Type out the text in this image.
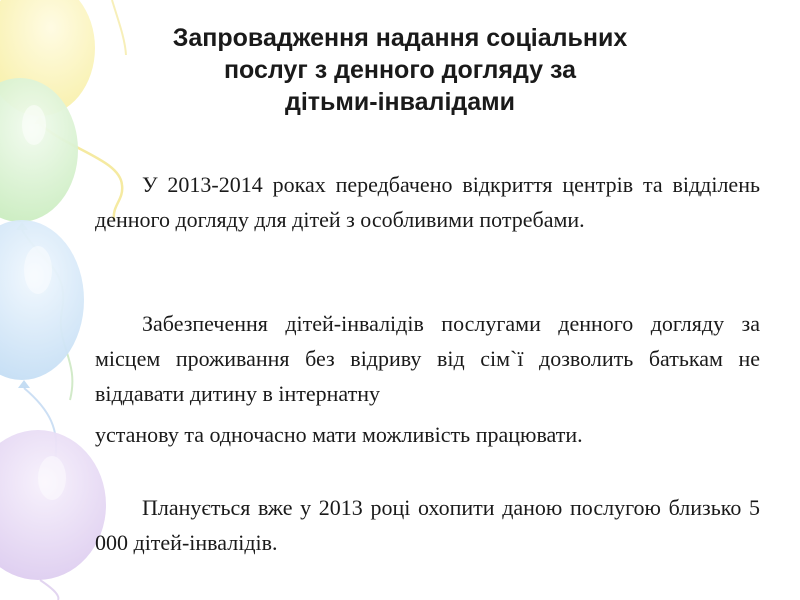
Запровадження надання соціальних
послуг з денного догляду за
дітьми-інвалідами

У 2013-2014 роках передбачено відкриття центрів та відділень денного догляду для дітей з особливими потребами.

Забезпечення дітей-інвалідів послугами денного догляду за місцем проживання без відриву від сім`ї дозволить батькам не віддавати дитину в інтернатну
установу та одночасно мати можливість працювати.

Планується вже у 2013 році охопити даною послугою близько 5 000 дітей-інвалідів.
